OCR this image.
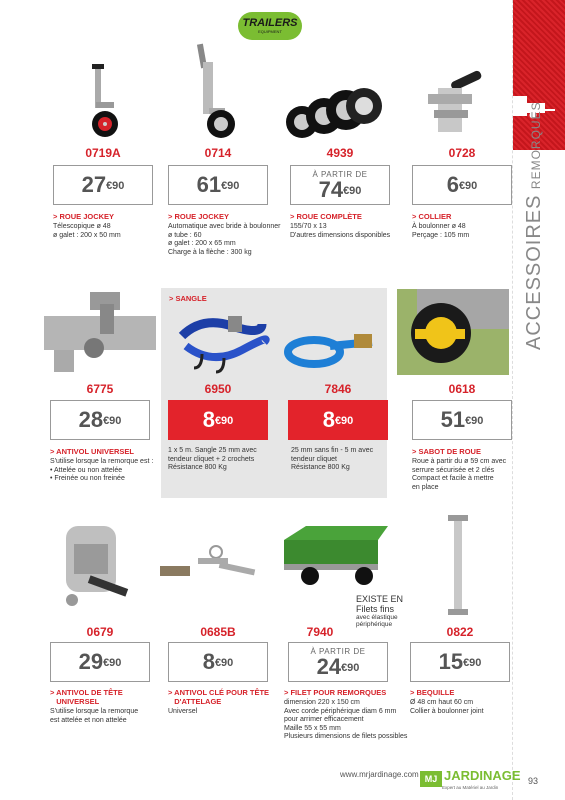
TRAILERS
EQUIPMENT
ACCESSOIRES REMORQUES
> SANGLE
0719A
$27^{€90}$
> ROUE JOCKEY
Télescopique ø 48
ø galet : 200 x 50 mm
0714
$61^{€90}$
> ROUE JOCKEY
Automatique avec bride à boulonner
ø tube : 60
ø galet : 200 x 65 mm
Charge à la flèche : 300 kg
4939
À PARTIR DE
$74^{€90}$
> ROUE COMPLÈTE
155/70 x 13
D'autres dimensions disponibles
0728
$6^{€90}$
> COLLIER
À boulonner ø 48
Perçage : 105 mm
6775
$28^{€90}$
> ANTIVOL UNIVERSEL
S'utilise lorsque la remorque est :
• Attelée ou non attelée
• Freinée ou non freinée
6950
$8^{€90}$
1 x 5 m. Sangle 25 mm avec
tendeur cliquet + 2 crochets
Résistance 800 Kg
7846
$8^{€90}$
25 mm sans fin - 5 m avec
tendeur cliquet
Résistance 800 Kg
0618
$51^{€90}$
> SABOT DE ROUE
Roue à partir du ø 59 cm avec
serrure sécurisée et 2 clés
Compact et facile à mettre
en place
0679
$29^{€90}$
> ANTIVOL DE TÊTE
UNIVERSEL
S'utilise lorsque la remorque
est attelée et non attelée
0685B
$8^{€90}$
> ANTIVOL CLÉ POUR TÊTE
D'ATTELAGE
Universel
7940
À PARTIR DE
$24^{€90}$
> FILET POUR REMORQUES
dimension 220 x 150 cm
Avec corde périphérique diam 6 mm
pour arrimer efficacement
Maille 55 x 55 mm
Plusieurs dimensions de filets possibles
EXISTE EN
Filets fins
avec élastique
périphérique
0822
$15^{€90}$
> BEQUILLE
Ø 48 cm haut 60 cm
Collier à boulonner joint
www.mrjardinage.com MJ JARDINAGE
Expert au Matériel au Jardin
93
